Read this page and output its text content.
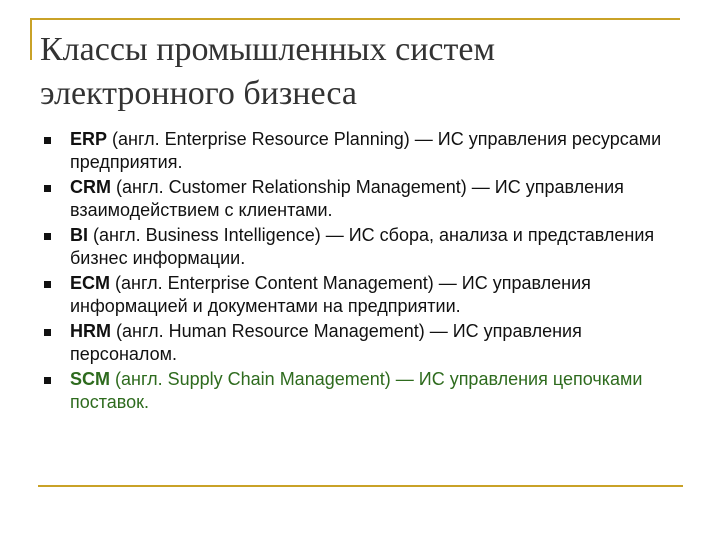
Классы промышленных систем
электронного бизнеса
ERP (англ. Enterprise Resource Planning) — ИС управления ресурсами предприятия.
CRM (англ. Customer Relationship Management) — ИС управления взаимодействием с клиентами.
BI (англ. Business Intelligence) — ИС сбора, анализа и представления бизнес информации.
ECM (англ. Enterprise Content Management) — ИС управления информацией и документами на предприятии.
HRM (англ. Human Resource Management) — ИС управления персоналом.
SCM (англ. Supply Chain Management) — ИС управления цепочками поставок.
